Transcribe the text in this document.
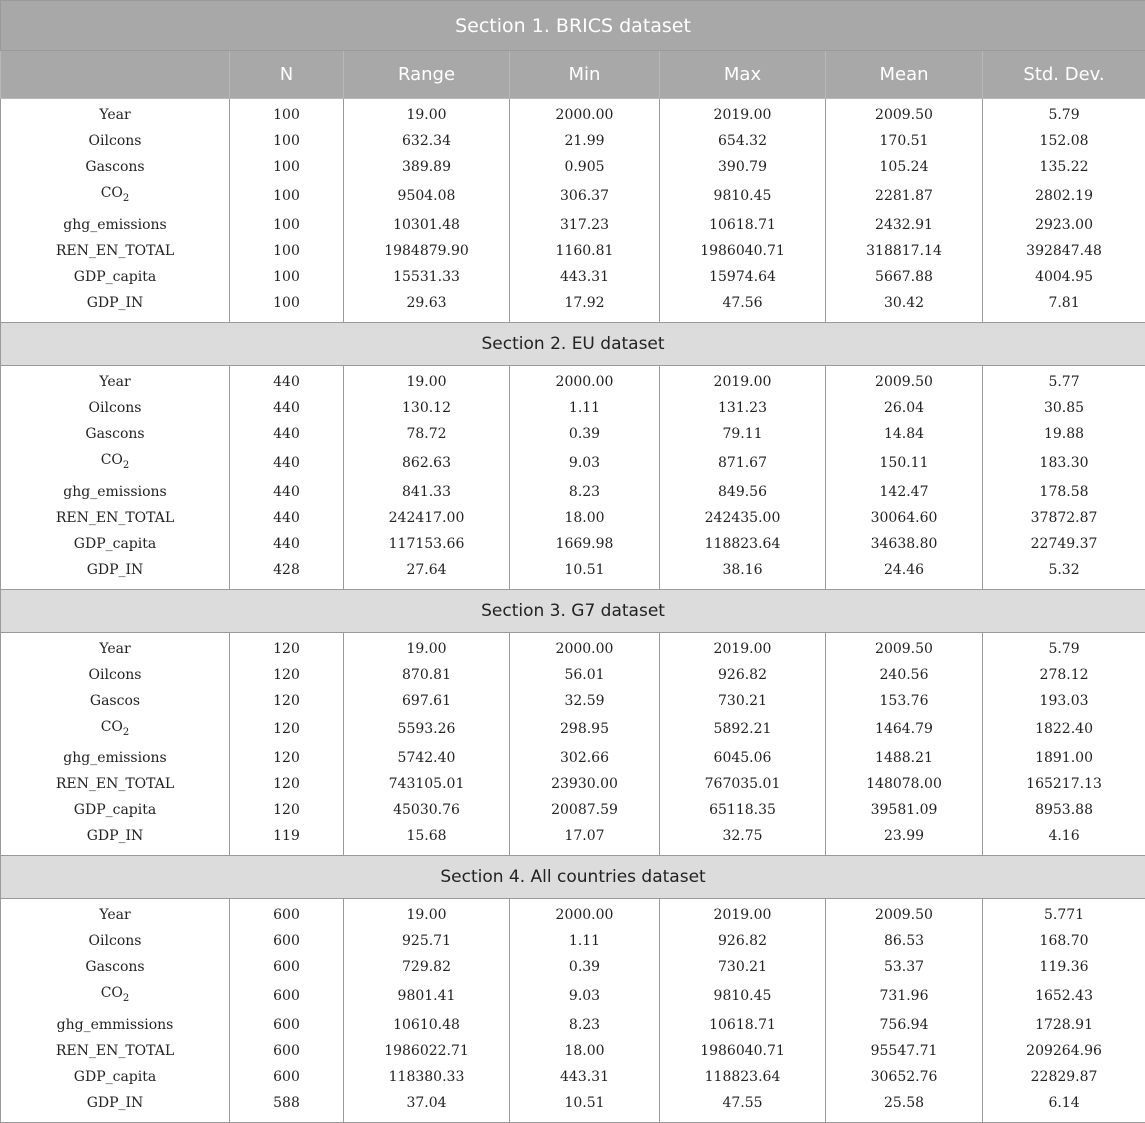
Section 1. BRICS dataset						
	N	Range	Min	Max	Mean	Std. Dev.
Year	100	19.00	2000.00	2019.00	2009.50	5.79
Oilcons	100	632.34	21.99	654.32	170.51	152.08
Gascons	100	389.89	0.905	390.79	105.24	135.22
$CO_2$	100	9504.08	306.37	9810.45	2281.87	2802.19
ghg_emissions	100	10301.48	317.23	10618.71	2432.91	2923.00
REN_EN_TOTAL	100	1984879.90	1160.81	1986040.71	318817.14	392847.48
GDP_capita	100	15531.33	443.31	15974.64	5667.88	4004.95
GDP_IN	100	29.63	17.92	47.56	30.42	7.81
Section 2. EU dataset						
Year	440	19.00	2000.00	2019.00	2009.50	5.77
Oilcons	440	130.12	1.11	131.23	26.04	30.85
Gascons	440	78.72	0.39	79.11	14.84	19.88
$CO_2$	440	862.63	9.03	871.67	150.11	183.30
ghg_emissions	440	841.33	8.23	849.56	142.47	178.58
REN_EN_TOTAL	440	242417.00	18.00	242435.00	30064.60	37872.87
GDP_capita	440	117153.66	1669.98	118823.64	34638.80	22749.37
GDP_IN	428	27.64	10.51	38.16	24.46	5.32
Section 3. G7 dataset						
Year	120	19.00	2000.00	2019.00	2009.50	5.79
Oilcons	120	870.81	56.01	926.82	240.56	278.12
Gascos	120	697.61	32.59	730.21	153.76	193.03
$CO_2$	120	5593.26	298.95	5892.21	1464.79	1822.40
ghg_emissions	120	5742.40	302.66	6045.06	1488.21	1891.00
REN_EN_TOTAL	120	743105.01	23930.00	767035.01	148078.00	165217.13
GDP_capita	120	45030.76	20087.59	65118.35	39581.09	8953.88
GDP_IN	119	15.68	17.07	32.75	23.99	4.16
Section 4. All countries dataset						
Year	600	19.00	2000.00	2019.00	2009.50	5.771
Oilcons	600	925.71	1.11	926.82	86.53	168.70
Gascons	600	729.82	0.39	730.21	53.37	119.36
$CO_2$	600	9801.41	9.03	9810.45	731.96	1652.43
ghg_emmissions	600	10610.48	8.23	10618.71	756.94	1728.91
REN_EN_TOTAL	600	1986022.71	18.00	1986040.71	95547.71	209264.96
GDP_capita	600	118380.33	443.31	118823.64	30652.76	22829.87
GDP_IN	588	37.04	10.51	47.55	25.58	6.14
